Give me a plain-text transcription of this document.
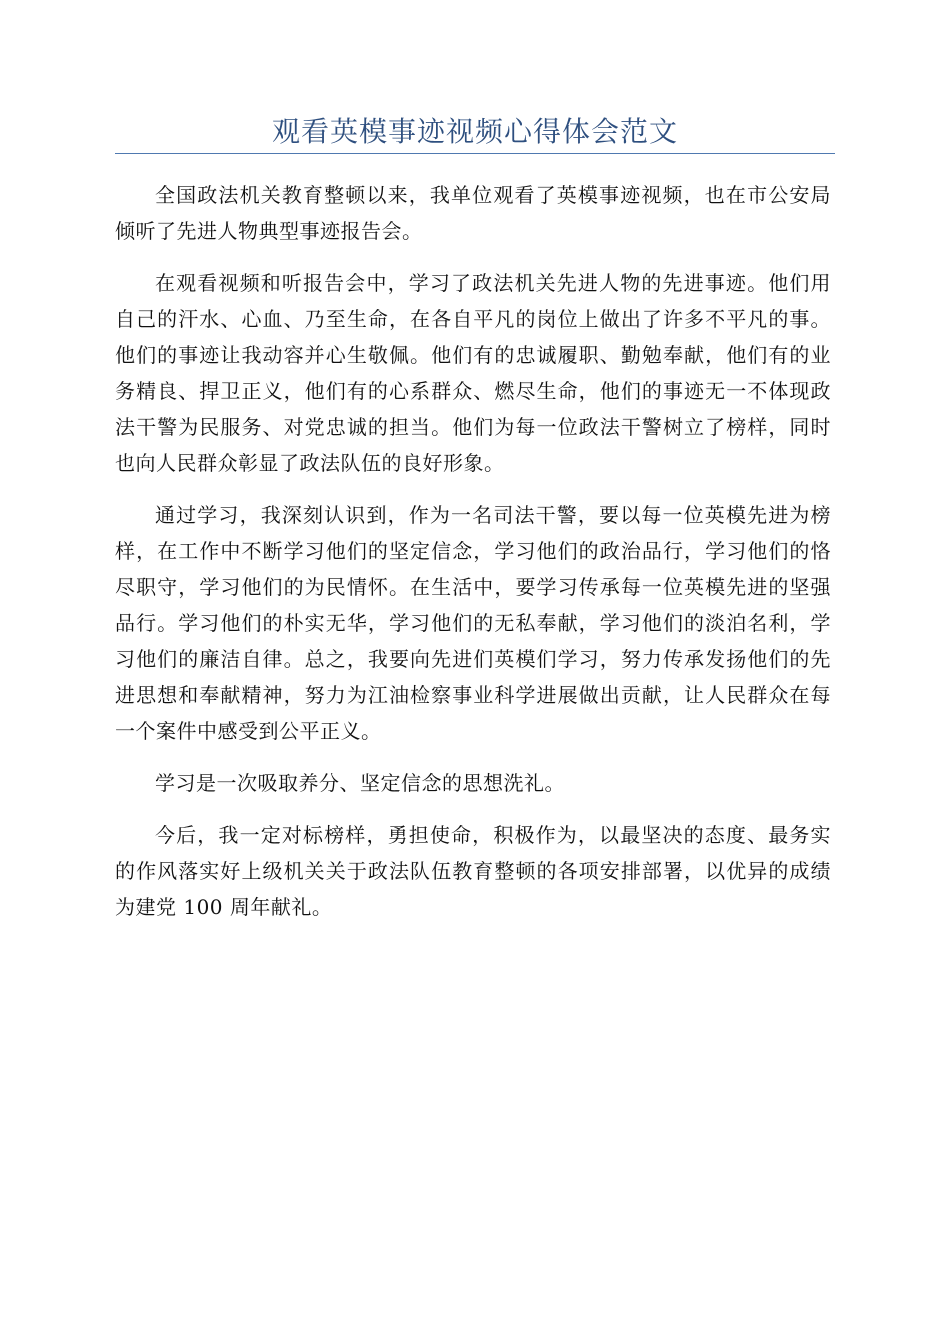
观看英模事迹视频心得体会范文

全国政法机关教育整顿以来，我单位观看了英模事迹视频，也在市公安局倾听了先进人物典型事迹报告会。

在观看视频和听报告会中，学习了政法机关先进人物的先进事迹。他们用自己的汗水、心血、乃至生命，在各自平凡的岗位上做出了许多不平凡的事。他们的事迹让我动容并心生敬佩。他们有的忠诚履职、勤勉奉献，他们有的业务精良、捍卫正义，他们有的心系群众、燃尽生命，他们的事迹无一不体现政法干警为民服务、对党忠诚的担当。他们为每一位政法干警树立了榜样，同时也向人民群众彰显了政法队伍的良好形象。

通过学习，我深刻认识到，作为一名司法干警，要以每一位英模先进为榜样，在工作中不断学习他们的坚定信念，学习他们的政治品行，学习他们的恪尽职守，学习他们的为民情怀。在生活中，要学习传承每一位英模先进的坚强品行。学习他们的朴实无华，学习他们的无私奉献，学习他们的淡泊名利，学习他们的廉洁自律。总之，我要向先进们英模们学习，努力传承发扬他们的先进思想和奉献精神，努力为江油检察事业科学进展做出贡献，让人民群众在每一个案件中感受到公平正义。

学习是一次吸取养分、坚定信念的思想洗礼。

今后，我一定对标榜样，勇担使命，积极作为，以最坚决的态度、最务实的作风落实好上级机关关于政法队伍教育整顿的各项安排部署，以优异的成绩为建党 100 周年献礼。
